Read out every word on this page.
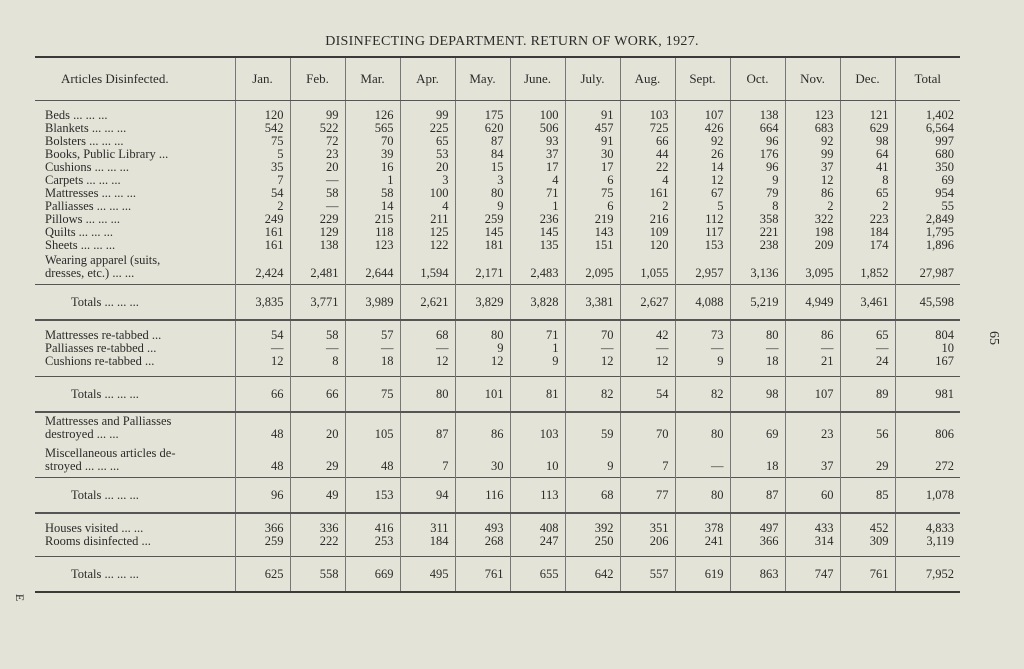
DISINFECTING DEPARTMENT. RETURN OF WORK, 1927.
Articles Disinfected.	Jan.	Feb.	Mar.	Apr.	May.	June.	July.	Aug.	Sept.	Oct.	Nov.	Dec.	Total
Beds ... ... ...	120	99	126	99	175	100	91	103	107	138	123	121	1,402
Blankets ... ... ...	542	522	565	225	620	506	457	725	426	664	683	629	6,564
Bolsters ... ... ...	75	72	70	65	87	93	91	66	92	96	92	98	997
Books, Public Library ...	5	23	39	53	84	37	30	44	26	176	99	64	680
Cushions ... ... ...	35	20	16	20	15	17	17	22	14	96	37	41	350
Carpets ... ... ...	7	—	1	3	3	4	6	4	12	9	12	8	69
Mattresses ... ... ...	54	58	58	100	80	71	75	161	67	79	86	65	954
Palliasses ... ... ...	2	—	14	4	9	1	6	2	5	8	2	2	55
Pillows ... ... ...	249	229	215	211	259	236	219	216	112	358	322	223	2,849
Quilts ... ... ...	161	129	118	125	145	145	143	109	117	221	198	184	1,795
Sheets ... ... ...	161	138	123	122	181	135	151	120	153	238	209	174	1,896
Wearing apparel (suits,
dresses, etc.) ... ...	2,424	2,481	2,644	1,594	2,171	2,483	2,095	1,055	2,957	3,136	3,095	1,852	27,987
Totals ... ... ...	3,835	3,771	3,989	2,621	3,829	3,828	3,381	2,627	4,088	5,219	4,949	3,461	45,598
Mattresses re-tabbed ...	54	58	57	68	80	71	70	42	73	80	86	65	804
Palliasses re-tabbed ...	—	—	—	—	9	1	—	—	—	—	—	—	10
Cushions re-tabbed ...	12	8	18	12	12	9	12	12	9	18	21	24	167
Totals ... ... ...	66	66	75	80	101	81	82	54	82	98	107	89	981
Mattresses and Palliasses
destroyed ... ...	48	20	105	87	86	103	59	70	80	69	23	56	806
Miscellaneous articles de-
stroyed ... ... ...	48	29	48	7	30	10	9	7	—	18	37	29	272
Totals ... ... ...	96	49	153	94	116	113	68	77	80	87	60	85	1,078
Houses visited ... ...	366	336	416	311	493	408	392	351	378	497	433	452	4,833
Rooms disinfected ...	259	222	253	184	268	247	250	206	241	366	314	309	3,119
Totals ... ... ...	625	558	669	495	761	655	642	557	619	863	747	761	7,952
65
E
